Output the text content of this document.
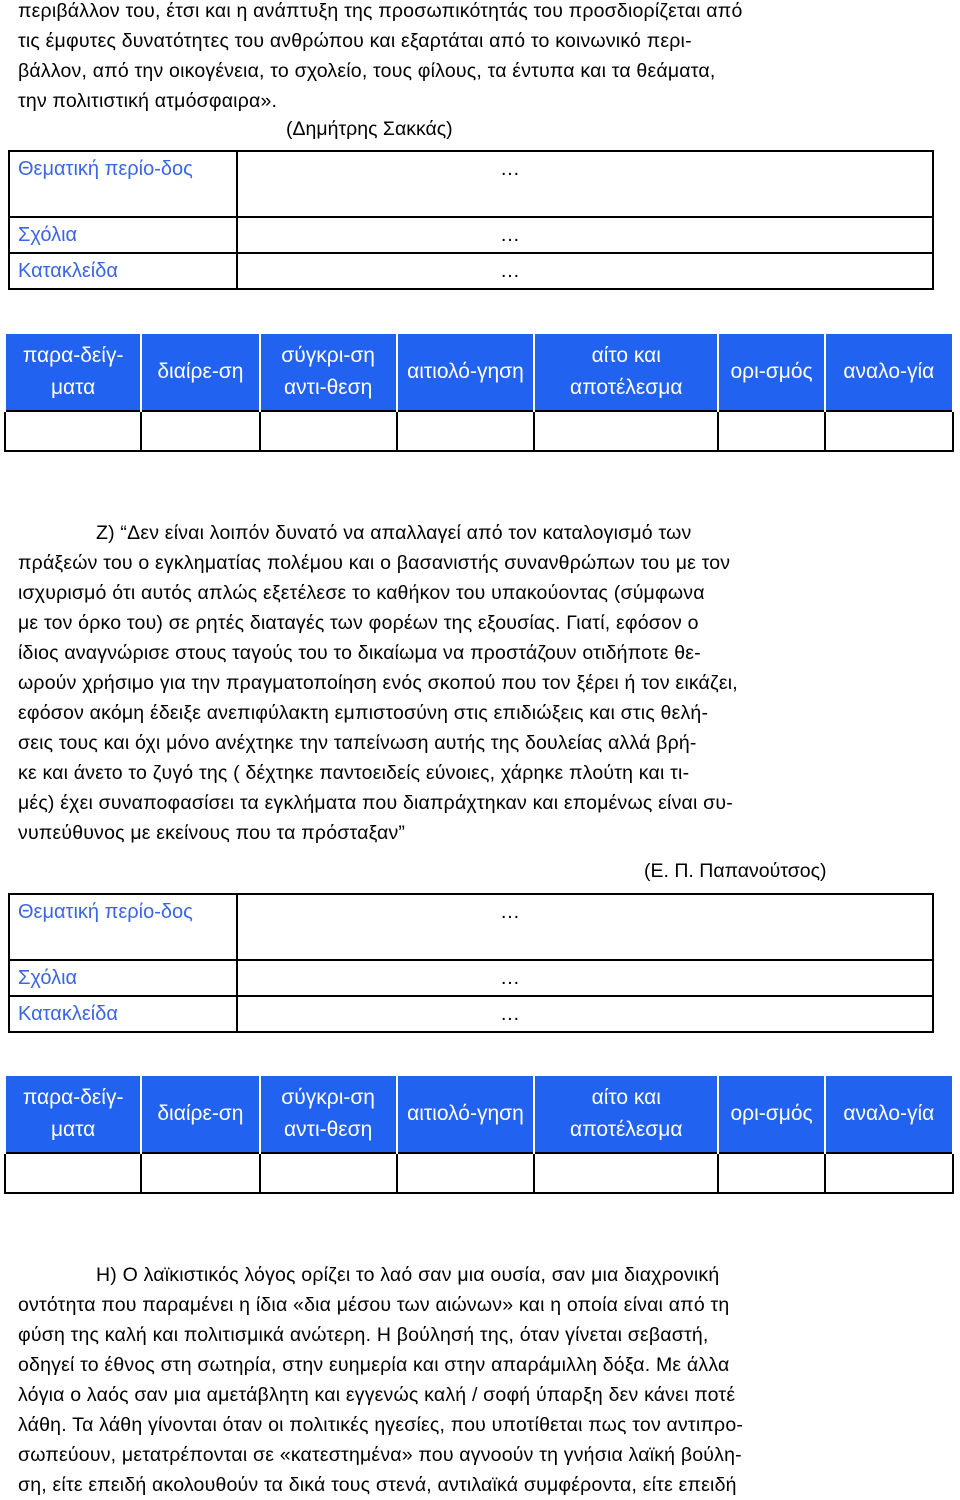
περιβάλλον του, έτσι και η ανάπτυξη της προσωπικότητάς του προσδιορίζεται από
τις έμφυτες δυνατότητες του ανθρώπου και εξαρτάται από το κοινωνικό περι-
βάλλον, από την οικογένεια, το σχολείο, τους φίλους, τα έντυπα και τα θεάματα,
την πολιτιστική ατμόσφαιρα».
(Δημήτρης Σακκάς)
Θεματική περίο-δος	…
Σχόλια	…
Κατακλείδα	…
παρα-δείγ-ματα	διαίρε-ση	σύγκρι-ση αντι-θεση	αιτιολό-γηση	αίτο και αποτέλεσμα	ορι-σμός	αναλο-γία

Ζ) “Δεν είναι λοιπόν δυνατό να απαλλαγεί από τον καταλογισμό των
πράξεών του ο εγκληματίας πολέμου και ο βασανιστής συνανθρώπων του με τον
ισχυρισμό ότι αυτός απλώς εξετέλεσε το καθήκον του υπακούοντας (σύμφωνα
με τον όρκο του) σε ρητές διαταγές των φορέων της εξουσίας. Γιατί, εφόσον ο
ίδιος αναγνώρισε στους ταγούς του το δικαίωμα να προστάζουν οτιδήποτε θε-
ωρούν χρήσιμο για την πραγματοποίηση ενός σκοπού που τον ξέρει ή τον εικάζει,
εφόσον ακόμη έδειξε ανεπιφύλακτη εμπιστοσύνη στις επιδιώξεις και στις θελή-
σεις τους και όχι μόνο ανέχτηκε την ταπείνωση αυτής της δουλείας αλλά βρή-
κε και άνετο το ζυγό της ( δέχτηκε παντοειδείς εύνοιες, χάρηκε πλούτη και τι-
μές) έχει συναποφασίσει τα εγκλήματα που διαπράχτηκαν και επομένως είναι συ-
νυπεύθυνος με εκείνους που τα πρόσταξαν”
(Ε. Π. Παπανούτσος)
Θεματική περίο-δος	…
Σχόλια	…
Κατακλείδα	…
παρα-δείγ-ματα	διαίρε-ση	σύγκρι-ση αντι-θεση	αιτιολό-γηση	αίτο και αποτέλεσμα	ορι-σμός	αναλο-γία

Η) Ο λαϊκιστικός λόγος ορίζει το λαό σαν μια ουσία, σαν μια διαχρονική
οντότητα που παραμένει η ίδια «δια μέσου των αιώνων» και η οποία είναι από τη
φύση της καλή και πολιτισμικά ανώτερη. Η βούλησή της, όταν γίνεται σεβαστή,
οδηγεί το έθνος στη σωτηρία, στην ευημερία και στην απαράμιλλη δόξα. Με άλλα
λόγια ο λαός σαν μια αμετάβλητη και εγγενώς καλή / σοφή ύπαρξη δεν κάνει ποτέ
λάθη. Τα λάθη γίνονται όταν οι πολιτικές ηγεσίες, που υποτίθεται πως τον αντιπρο-
σωπεύουν, μετατρέπονται σε «κατεστημένα» που αγνοούν τη γνήσια λαϊκή βούλη-
ση, είτε επειδή ακολουθούν τα δικά τους στενά, αντιλαϊκά συμφέροντα, είτε επειδή
